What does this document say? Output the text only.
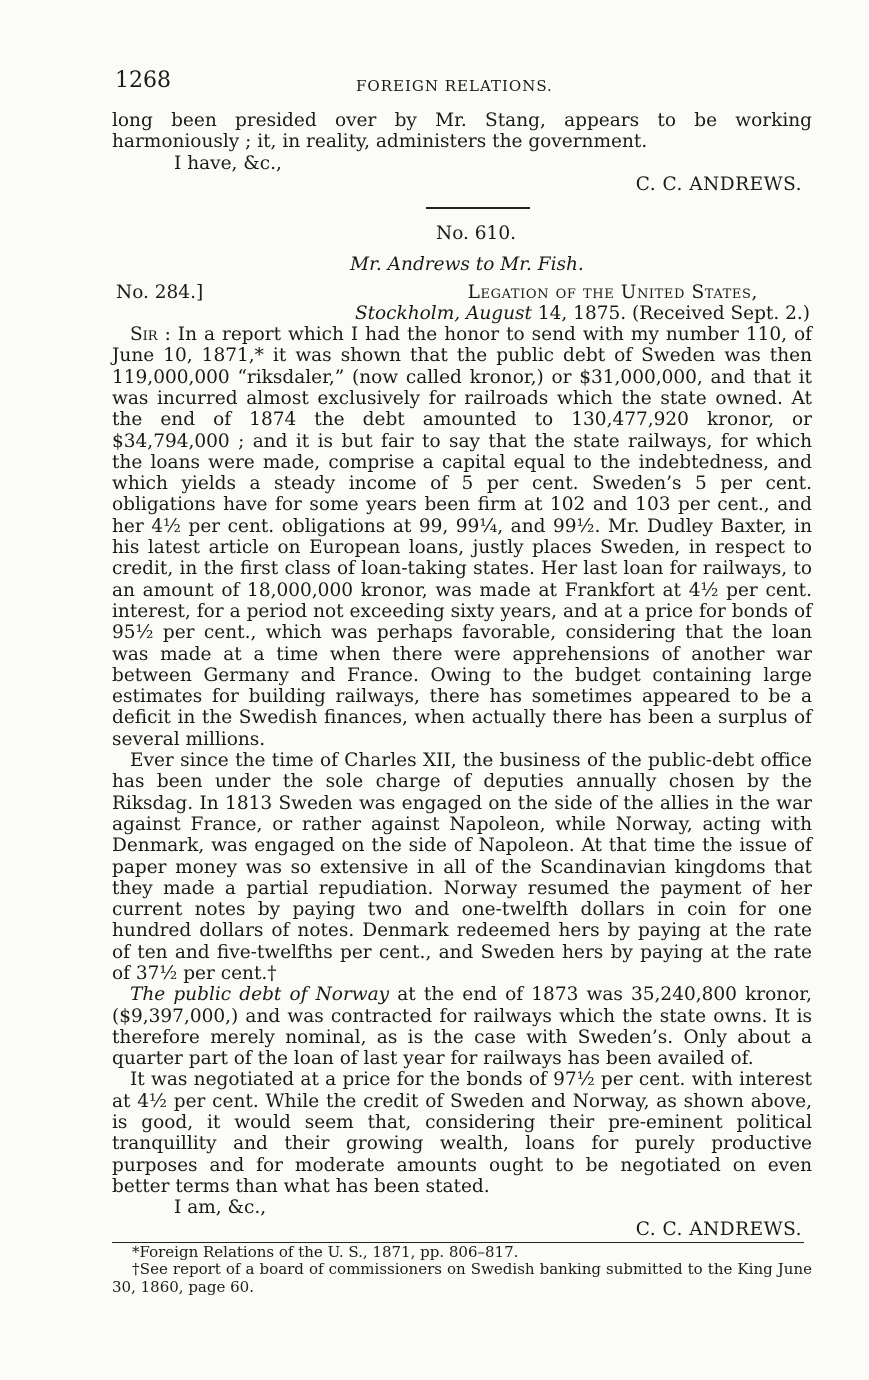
1268	FOREIGN RELATIONS.

long been presided over by Mr. Stang, appears to be working harmoniously ; it, in reality, administers the government.

I have, &c.,

C. C. ANDREWS.

No. 610.

Mr. Andrews to Mr. Fish.

No. 284.]	Legation of the United States,

Stockholm, August 14, 1875. (Received Sept. 2.)

Sir : In a report which I had the honor to send with my number 110, of June 10, 1871,* it was shown that the public debt of Sweden was then 119,000,000 “riksdaler,” (now called kronor,) or $31,000,000, and that it was incurred almost exclusively for railroads which the state owned. At the end of 1874 the debt amounted to 130,477,920 kronor, or $34,794,000 ; and it is but fair to say that the state railways, for which the loans were made, comprise a capital equal to the indebtedness, and which yields a steady income of 5 per cent. Sweden’s 5 per cent. obligations have for some years been firm at 102 and 103 per cent., and her 4½ per cent. obligations at 99, 99¼, and 99½. Mr. Dudley Baxter, in his latest article on European loans, justly places Sweden, in respect to credit, in the first class of loan-taking states. Her last loan for railways, to an amount of 18,000,000 kronor, was made at Frankfort at 4½ per cent. interest, for a period not exceeding sixty years, and at a price for bonds of 95½ per cent., which was perhaps favorable, considering that the loan was made at a time when there were apprehensions of another war between Germany and France. Owing to the budget containing large estimates for building railways, there has sometimes appeared to be a deficit in the Swedish finances, when actually there has been a surplus of several millions.

Ever since the time of Charles XII, the business of the public-debt office has been under the sole charge of deputies annually chosen by the Riksdag. In 1813 Sweden was engaged on the side of the allies in the war against France, or rather against Napoleon, while Norway, acting with Denmark, was engaged on the side of Napoleon. At that time the issue of paper money was so extensive in all of the Scandinavian kingdoms that they made a partial repudiation. Norway resumed the payment of her current notes by paying two and one-twelfth dollars in coin for one hundred dollars of notes. Denmark redeemed hers by paying at the rate of ten and five-twelfths per cent., and Sweden hers by paying at the rate of 37½ per cent.†

The public debt of Norway at the end of 1873 was 35,240,800 kronor, ($9,397,000,) and was contracted for railways which the state owns. It is therefore merely nominal, as is the case with Sweden’s. Only about a quarter part of the loan of last year for railways has been availed of.

It was negotiated at a price for the bonds of 97½ per cent. with interest at 4½ per cent. While the credit of Sweden and Norway, as shown above, is good, it would seem that, considering their pre-eminent political tranquillity and their growing wealth, loans for purely productive purposes and for moderate amounts ought to be negotiated on even better terms than what has been stated.

I am, &c.,

C. C. ANDREWS.

*Foreign Relations of the U. S., 1871, pp. 806–817.

†See report of a board of commissioners on Swedish banking submitted to the King June 30, 1860, page 60.
